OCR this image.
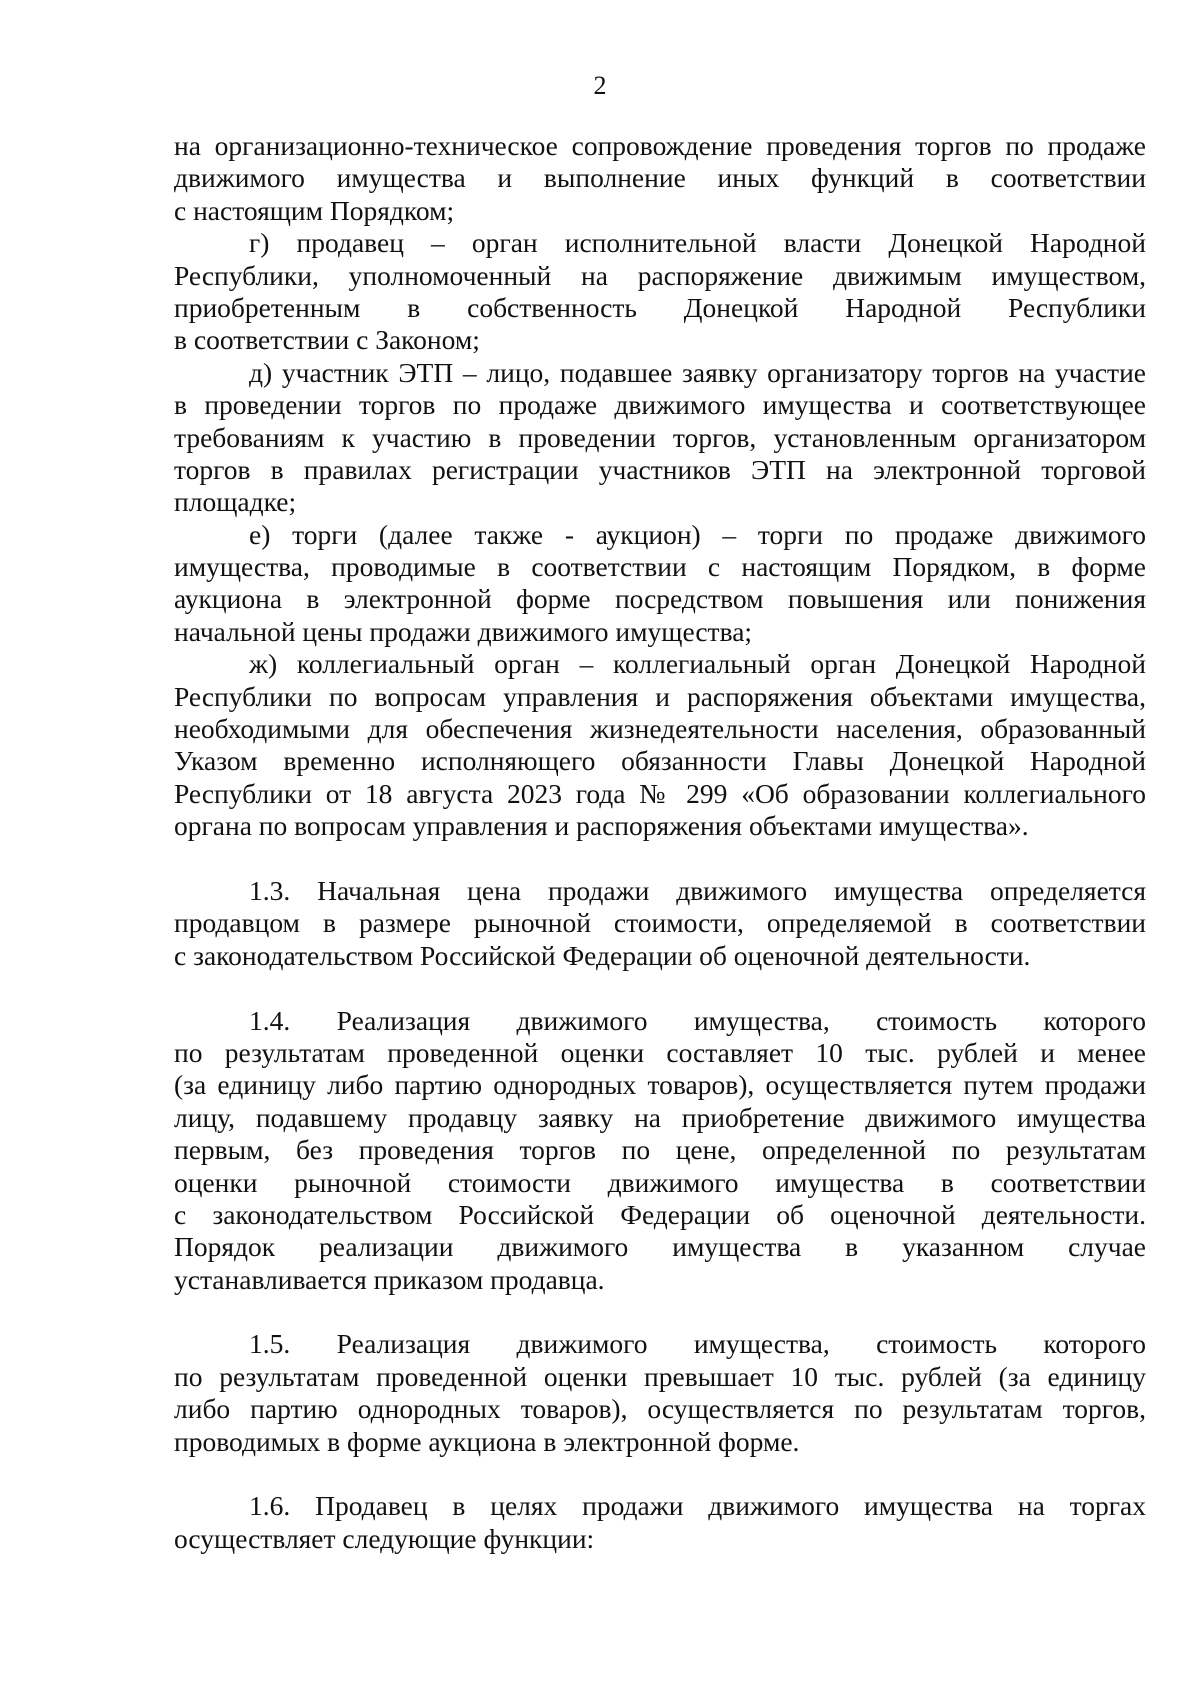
2
на организационно-техническое сопровождение проведения торгов по продаже
движимого имущества и выполнение иных функций в соответствии
с настоящим Порядком;
г) продавец – орган исполнительной власти Донецкой Народной
Республики, уполномоченный на распоряжение движимым имуществом,
приобретенным в собственность Донецкой Народной Республики
в соответствии с Законом;
д) участник ЭТП – лицо, подавшее заявку организатору торгов на участие
в проведении торгов по продаже движимого имущества и соответствующее
требованиям к участию в проведении торгов, установленным организатором
торгов в правилах регистрации участников ЭТП на электронной торговой
площадке;
е) торги (далее также - аукцион) – торги по продаже движимого
имущества, проводимые в соответствии с настоящим Порядком, в форме
аукциона в электронной форме посредством повышения или понижения
начальной цены продажи движимого имущества;
ж) коллегиальный орган – коллегиальный орган Донецкой Народной
Республики по вопросам управления и распоряжения объектами имущества,
необходимыми для обеспечения жизнедеятельности населения, образованный
Указом временно исполняющего обязанности Главы Донецкой Народной
Республики от 18 августа 2023 года № 299 «Об образовании коллегиального
органа по вопросам управления и распоряжения объектами имущества».
1.3. Начальная цена продажи движимого имущества определяется
продавцом в размере рыночной стоимости, определяемой в соответствии
с законодательством Российской Федерации об оценочной деятельности.
1.4. Реализация движимого имущества, стоимость которого
по результатам проведенной оценки составляет 10 тыс. рублей и менее
(за единицу либо партию однородных товаров), осуществляется путем продажи
лицу, подавшему продавцу заявку на приобретение движимого имущества
первым, без проведения торгов по цене, определенной по результатам
оценки рыночной стоимости движимого имущества в соответствии
с законодательством Российской Федерации об оценочной деятельности.
Порядок реализации движимого имущества в указанном случае
устанавливается приказом продавца.
1.5. Реализация движимого имущества, стоимость которого
по результатам проведенной оценки превышает 10 тыс. рублей (за единицу
либо партию однородных товаров), осуществляется по результатам торгов,
проводимых в форме аукциона в электронной форме.
1.6. Продавец в целях продажи движимого имущества на торгах
осуществляет следующие функции:
